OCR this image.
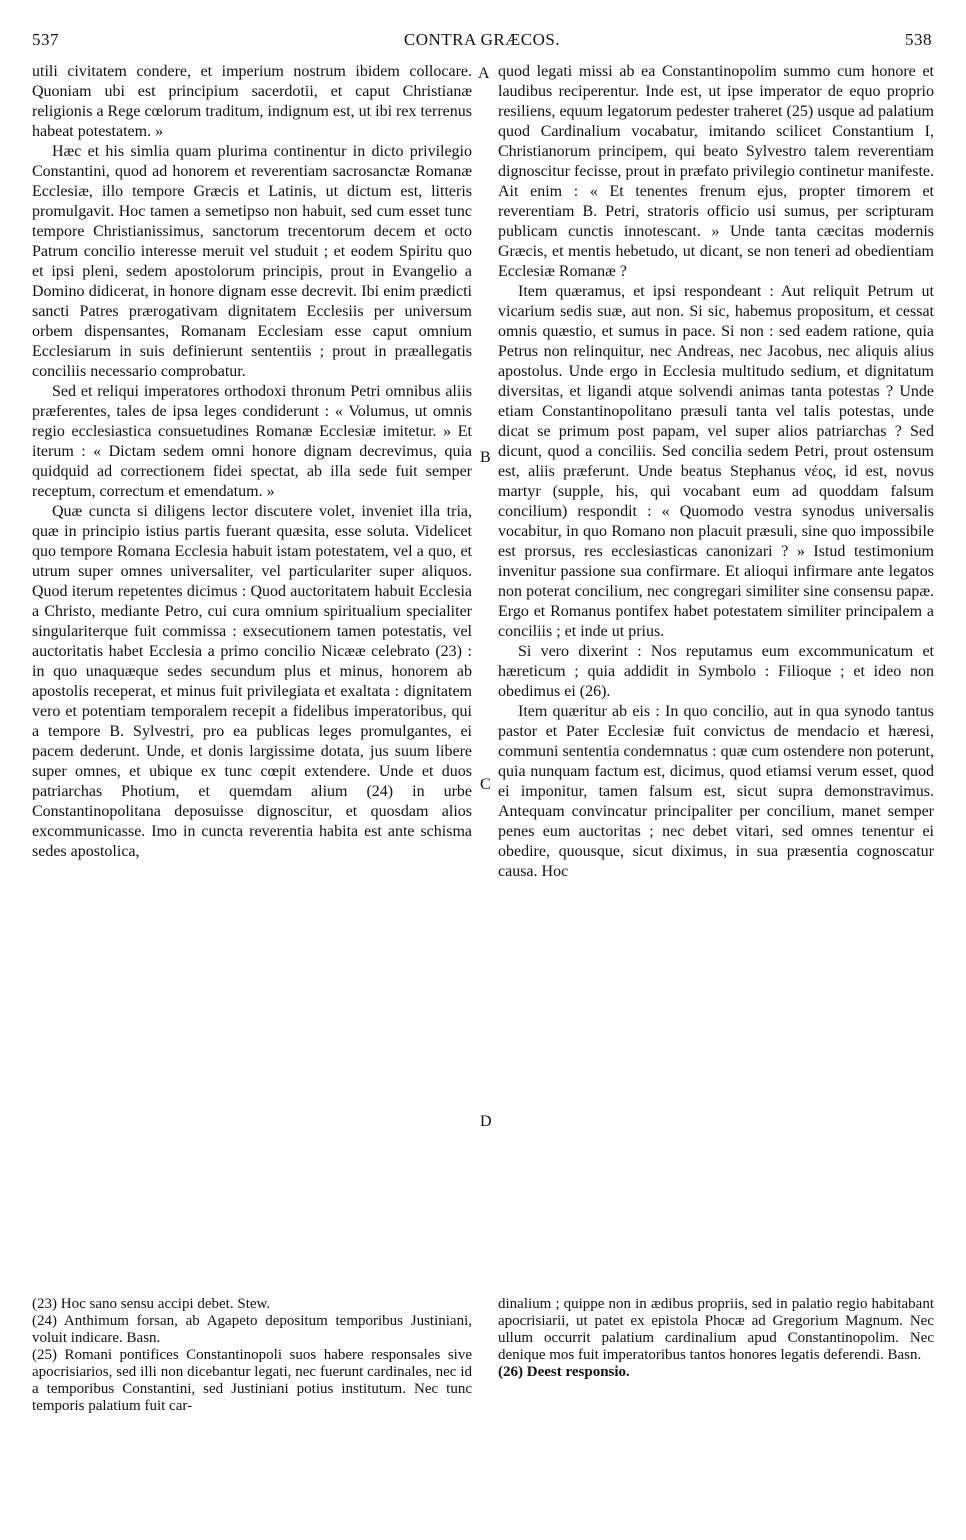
537	CONTRA GRÆCOS.	538
A
B
C
D

utili civitatem condere, et imperium nostrum ibidem collocare. Quoniam ubi est principium sacerdotii, et caput Christianæ religionis a Rege cœlorum traditum, indignum est, ut ibi rex terrenus habeat potestatem. »

Hæc et his simlia quam plurima continentur in dicto privilegio Constantini, quod ad honorem et reverentiam sacrosanctæ Romanæ Ecclesiæ, illo tempore Græcis et Latinis, ut dictum est, litteris promulgavit. Hoc tamen a semetipso non habuit, sed cum esset tunc tempore Christianissimus, sanctorum trecentorum decem et octo Patrum concilio interesse meruit vel studuit ; et eodem Spiritu quo et ipsi pleni, sedem apostolorum principis, prout in Evangelio a Domino didicerat, in honore dignam esse decrevit. Ibi enim prædicti sancti Patres prærogativam dignitatem Ecclesiis per universum orbem dispensantes, Romanam Ecclesiam esse caput omnium Ecclesiarum in suis definierunt sententiis ; prout in præallegatis conciliis necessario comprobatur.

Sed et reliqui imperatores orthodoxi thronum Petri omnibus aliis præferentes, tales de ipsa leges condiderunt : « Volumus, ut omnis regio ecclesiastica consuetudines Romanæ Ecclesiæ imitetur. » Et iterum : « Dictam sedem omni honore dignam decrevimus, quia quidquid ad correctionem fidei spectat, ab illa sede fuit semper receptum, correctum et emendatum. »

Quæ cuncta si diligens lector discutere volet, inveniet illa tria, quæ in principio istius partis fuerant quæsita, esse soluta. Videlicet quo tempore Romana Ecclesia habuit istam potestatem, vel a quo, et utrum super omnes universaliter, vel particulariter super aliquos. Quod iterum repetentes dicimus : Quod auctoritatem habuit Ecclesia a Christo, mediante Petro, cui cura omnium spiritualium specialiter singulariterque fuit commissa : exsecutionem tamen potestatis, vel auctoritatis habet Ecclesia a primo concilio Nicææ celebrato (23) : in quo unaquæque sedes secundum plus et minus, honorem ab apostolis receperat, et minus fuit privilegiata et exaltata : dignitatem vero et potentiam temporalem recepit a fidelibus imperatoribus, qui a tempore B. Sylvestri, pro ea publicas leges promulgantes, ei pacem dederunt. Unde, et donis largissime dotata, jus suum libere super omnes, et ubique ex tunc cœpit extendere. Unde et duos patriarchas Photium, et quemdam alium (24) in urbe Constantinopolitana deposuisse dignoscitur, et quosdam alios excommunicasse. Imo in cuncta reverentia habita est ante schisma sedes apostolica,

quod legati missi ab ea Constantinopolim summo cum honore et laudibus reciperentur. Inde est, ut ipse imperator de equo proprio resiliens, equum legatorum pedester traheret (25) usque ad palatium quod Cardinalium vocabatur, imitando scilicet Constantium I, Christianorum principem, qui beato Sylvestro talem reverentiam dignoscitur fecisse, prout in præfato privilegio continetur manifeste. Ait enim : « Et tenentes frenum ejus, propter timorem et reverentiam B. Petri, stratoris officio usi sumus, per scripturam publicam cunctis innotescant. » Unde tanta cæcitas modernis Græcis, et mentis hebetudo, ut dicant, se non teneri ad obedientiam Ecclesiæ Romanæ ?

Item quæramus, et ipsi respondeant : Aut reliquit Petrum ut vicarium sedis suæ, aut non. Si sic, habemus propositum, et cessat omnis quæstio, et sumus in pace. Si non : sed eadem ratione, quia Petrus non relinquitur, nec Andreas, nec Jacobus, nec aliquis alius apostolus. Unde ergo in Ecclesia multitudo sedium, et dignitatum diversitas, et ligandi atque solvendi animas tanta potestas ? Unde etiam Constantinopolitano præsuli tanta vel talis potestas, unde dicat se primum post papam, vel super alios patriarchas ? Sed dicunt, quod a conciliis. Sed concilia sedem Petri, prout ostensum est, aliis præferunt. Unde beatus Stephanus νέος, id est, novus martyr (supple, his, qui vocabant eum ad quoddam falsum concilium) respondit : « Quomodo vestra synodus universalis vocabitur, in quo Romano non placuit præsuli, sine quo impossibile est prorsus, res ecclesiasticas canonizari ? » Istud testimonium invenitur passione sua confirmare. Et alioqui infirmare ante legatos non poterat concilium, nec congregari similiter sine consensu papæ. Ergo et Romanus pontifex habet potestatem similiter principalem a conciliis ; et inde ut prius.

Si vero dixerint : Nos reputamus eum excommunicatum et hæreticum ; quia addidit in Symbolo : Filioque ; et ideo non obedimus ei (26).

Item quæritur ab eis : In quo concilio, aut in qua synodo tantus pastor et Pater Ecclesiæ fuit convictus de mendacio et hæresi, communi sententia condemnatus : quæ cum ostendere non poterunt, quia nunquam factum est, dicimus, quod etiamsi verum esset, quod ei imponitur, tamen falsum est, sicut supra demonstravimus. Antequam convincatur principaliter per concilium, manet semper penes eum auctoritas ; nec debet vitari, sed omnes tenentur ei obedire, quousque, sicut diximus, in sua præsentia cognoscatur causa. Hoc

(23) Hoc sano sensu accipi debet. Stew.

(24) Anthimum forsan, ab Agapeto depositum temporibus Justiniani, voluit indicare. Basn.

(25) Romani pontifices Constantinopoli suos habere responsales sive apocrisiarios, sed illi non dicebantur legati, nec fuerunt cardinales, nec id a temporibus Constantini, sed Justiniani potius institutum. Nec tunc temporis palatium fuit car-

dinalium ; quippe non in ædibus propriis, sed in palatio regio habitabant apocrisiarii, ut patet ex epistola Phocæ ad Gregorium Magnum. Nec ullum occurrit palatium cardinalium apud Constantinopolim. Nec denique mos fuit imperatoribus tantos honores legatis deferendi. Basn.

(26) Deest responsio.
